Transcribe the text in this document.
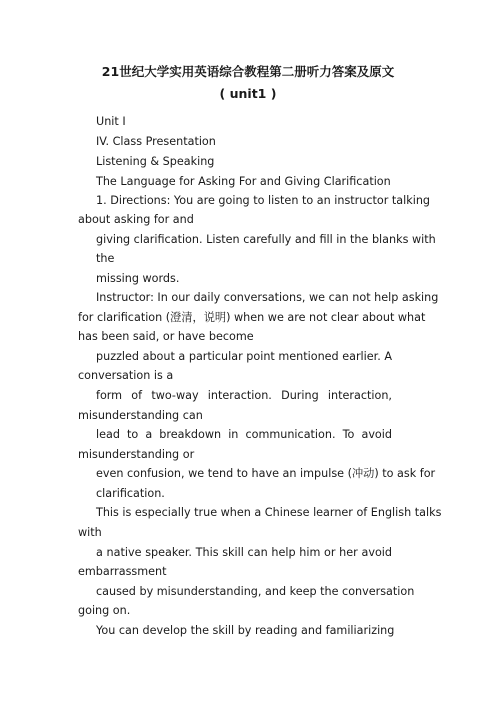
21世纪大学实用英语综合教程第二册听力答案及原文
( unit1 )

Unit I

IV. Class Presentation

Listening & Speaking

The Language for Asking For and Giving Clarification

1. Directions: You are going to listen to an instructor talking

about asking for and

giving clarification. Listen carefully and fill in the blanks with

the

missing words.

Instructor: In our daily conversations, we can not help asking

for clarification (澄清，说明) when we are not clear about what

has been said, or have become

puzzled about a particular point mentioned earlier. A

conversation is a

form of two-way interaction. During interaction,

misunderstanding can

lead to a breakdown in communication. To avoid

misunderstanding or

even confusion, we tend to have an impulse (冲动) to ask for

clarification.

This is especially true when a Chinese learner of English talks

with

a native speaker. This skill can help him or her avoid

embarrassment

caused by misunderstanding, and keep the conversation

going on.

You can develop the skill by reading and familiarizing
